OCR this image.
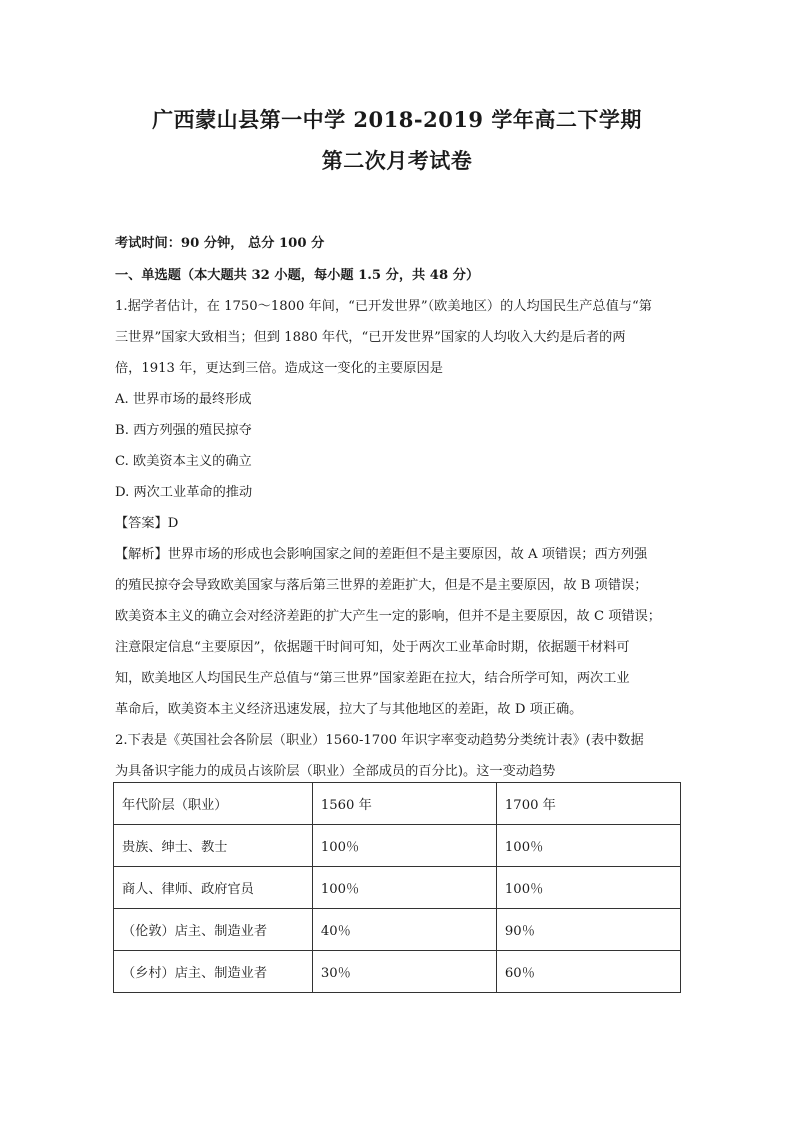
广西蒙山县第一中学 2018-2019 学年高二下学期
第二次月考试卷
考试时间：90 分钟， 总分 100 分
一、单选题（本大题共 32 小题，每小题 1.5 分，共 48 分）
1.据学者估计，在 1750～1800 年间，“已开发世界”（欧美地区）的人均国民生产总值与“第
三世界”国家大致相当；但到 1880 年代，“已开发世界”国家的人均收入大约是后者的两
倍，1913 年，更达到三倍。造成这一变化的主要原因是
A. 世界市场的最终形成
B. 西方列强的殖民掠夺
C. 欧美资本主义的确立
D. 两次工业革命的推动
【答案】D
【解析】世界市场的形成也会影响国家之间的差距但不是主要原因，故 A 项错误；西方列强
的殖民掠夺会导致欧美国家与落后第三世界的差距扩大，但是不是主要原因，故 B 项错误；
欧美资本主义的确立会对经济差距的扩大产生一定的影响，但并不是主要原因，故 C 项错误；
注意限定信息“主要原因”，依据题干时间可知，处于两次工业革命时期，依据题干材料可
知，欧美地区人均国民生产总值与“第三世界”国家差距在拉大，结合所学可知，两次工业
革命后，欧美资本主义经济迅速发展，拉大了与其他地区的差距，故 D 项正确。
2.下表是《英国社会各阶层（职业）1560-1700 年识字率变动趋势分类统计表》(表中数据
为具备识字能力的成员占该阶层（职业）全部成员的百分比)。这一变动趋势
年代阶层（职业）	1560 年	1700 年
贵族、绅士、教士	100％	100％
商人、律师、政府官员	100％	100％
（伦敦）店主、制造业者	40％	90％
（乡村）店主、制造业者	30％	60％
